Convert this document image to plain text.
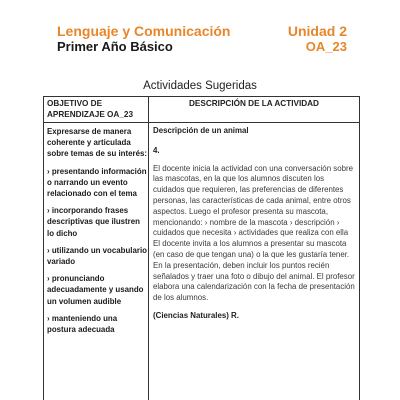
Lenguaje y Comunicación
Primer Año Básico
Unidad 2
OA_23
Actividades Sugeridas
OBJETIVO DE APRENDIZAJE OA_23
DESCRIPCIÓN DE LA ACTIVIDAD
Expresarse de manera coherente y articulada sobre temas de su interés:
› presentando información o narrando un evento relacionado con el tema
› incorporando frases descriptivas que ilustren lo dicho
› utilizando un vocabulario variado
› pronunciando adecuadamente y usando un volumen audible
› manteniendo una postura adecuada
Descripción de un animal
4.
El docente inicia la actividad con una conversación sobre las mascotas, en la que los alumnos discuten los cuidados que requieren, las preferencias de diferentes personas, las características de cada animal, entre otros aspectos. Luego el profesor presenta su mascota, mencionando: › nombre de la mascota › descripción › cuidados que necesita › actividades que realiza con ella El docente invita a los alumnos a presentar su mascota (en caso de que tengan una) o la que les gustaría tener. En la presentación, deben incluir los puntos recién señalados y traer una foto o dibujo del animal. El profesor elabora una calendarización con la fecha de presentación de los alumnos.
(Ciencias Naturales) R.
